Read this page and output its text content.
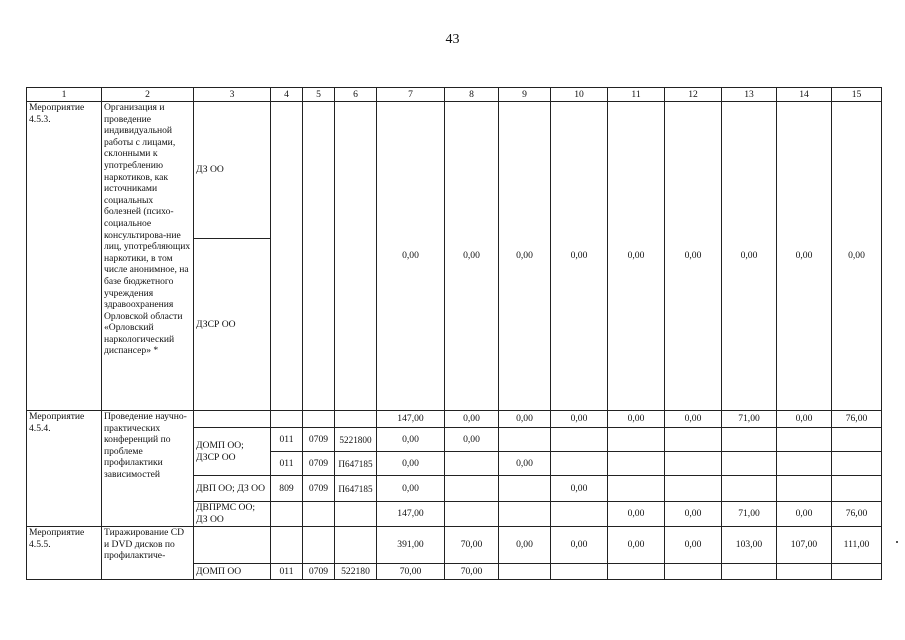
43
1	2	3	4	5	6	7	8	9	10	11	12	13	14	15
Мероприятие 4.5.3.	Организация и проведение индивидуальной работы с лицами, склонными к употреблению наркотиков, как источниками социальных болезней (психо-социальное консультирова-ние лиц, употребляющих наркотики, в том числе анонимное, на базе бюджетного учреждения здравоохранения Орловской области «Орловский наркологический диспансер» *	ДЗ ОО				0,00	0,00	0,00	0,00	0,00	0,00	0,00	0,00	0,00
		ДЗСР ОО												
Мероприятие 4.5.4.	Проведение научно-практических конференций по проблеме профилактики зависимостей					147,00	0,00	0,00	0,00	0,00	0,00	71,00	0,00	76,00
		ДОМП ОО; ДЗСР ОО	011	0709	5221800	0,00	0,00							
			011	0709	П647185	0,00		0,00						
		ДВП ОО; ДЗ ОО	809	0709	П647185	0,00			0,00					
		ДВПРМС ОО; ДЗ ОО				147,00				0,00	0,00	71,00	0,00	76,00
Мероприятие 4.5.5.	Тиражирование CD и DVD дисков по профилактиче-					391,00	70,00	0,00	0,00	0,00	0,00	103,00	107,00	111,00
		ДОМП ОО	011	0709	522180	70,00	70,00							
